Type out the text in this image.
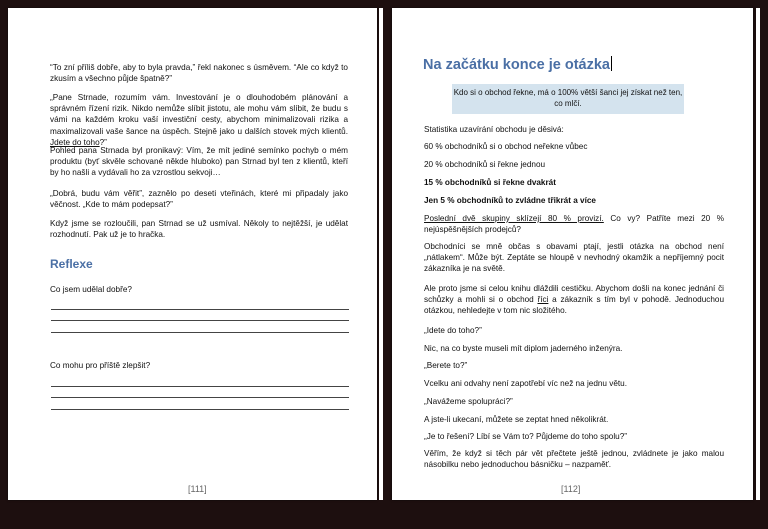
“To zní příliš dobře, aby to byla pravda,” řekl nakonec s úsměvem. “Ale co když to zkusím a všechno půjde špatně?”

„Pane Strnade, rozumím vám. Investování je o dlouhodobém plánování a správném řízení rizik. Nikdo nemůže slíbit jistotu, ale mohu vám slíbit, že budu s vámi na každém kroku vaší investiční cesty, abychom minimalizovali rizika a maximalizovali vaše šance na úspěch. Stejně jako u dalších stovek mých klientů. Jdete do toho?”

Pohled pana Strnada byl pronikavý: Vím, že mít jediné semínko pochyb o mém produktu (byť skvěle schované někde hluboko) pan Strnad byl ten z klientů, kteří by ho našli a vydávali ho za vzrostlou sekvoji…

„Dobrá, budu vám věřit”, zaznělo po deseti vteřinách, které mi připadaly jako věčnost. „Kde to mám podepsat?”

Když jsme se rozloučili, pan Strnad se už usmíval. Několy to nejtěžší, je udělat rozhodnutí. Pak už je to hračka.

Reflexe

Co jsem udělal dobře?

Co mohu pro příště zlepšit?

[111]
Na začátku konce je otázka
Kdo si o obchod řekne, má o 100% větší šanci jej získat než ten, co mlčí.

Statistika uzavírání obchodu je děsivá:

60 % obchodníků si o obchod neřekne vůbec

20 % obchodníků si řekne jednou

15 % obchodníků si řekne dvakrát

Jen 5 % obchodníků to zvládne třikrát a více

Poslední dvě skupiny sklízejí 80 % provizí. Co vy? Patříte mezi 20 % nejúspěšnějších prodejců?

Obchodníci se mně občas s obavami ptají, jestli otázka na obchod není „nátlakem“. Může být. Zeptáte se hloupě v nevhodný okamžik a nepříjemný pocit zákazníka je na světě.

Ale proto jsme si celou knihu dláždili cestičku. Abychom došli na konec jednání či schůzky a mohli si o obchod říci a zákazník s tím byl v pohodě. Jednoduchou otázkou, nehledejte v tom nic složitého.

„Idete do toho?”

Nic, na co byste museli mít diplom jaderného inženýra.

„Berete to?”

Vcelku ani odvahy není zapotřebí víc než na jednu větu.

„Navážeme spolupráci?”

A jste-li ukecaní, můžete se zeptat hned několikrát.

„Je to řešení? Líbí se Vám to? Půjdeme do toho spolu?”

Věřím, že když si těch pár vět přečtete ještě jednou, zvládnete je jako malou násobilku nebo jednoduchou básničku – nazpaměť.

[112]
